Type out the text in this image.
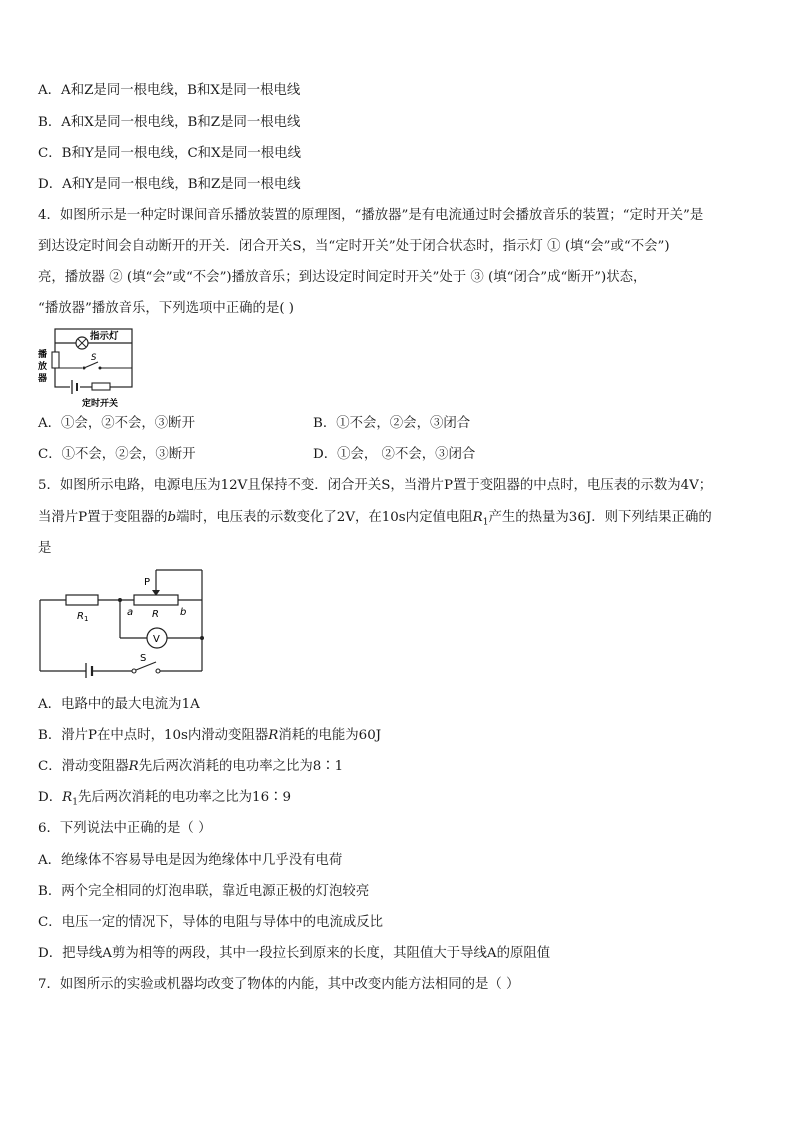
A．A和Z是同一根电线，B和X是同一根电线
B．A和X是同一根电线，B和Z是同一根电线
C．B和Y是同一根电线，C和X是同一根电线
D．A和Y是同一根电线，B和Z是同一根电线
4．如图所示是一种定时课间音乐播放装置的原理图，“播放器”是有电流通过时会播放音乐的装置；“定时开关”是
到达设定时间会自动断开的开关．闭合开关S，当“定时开关”处于闭合状态时，指示灯 ① (填“会”或“不会”)
亮，播放器 ② (填“会”或“不会”)播放音乐；到达设定时间定时开关”处于 ③ (填“闭合”成“断开”)状态，
“播放器”播放音乐，下列选项中正确的是( )
指示灯
播
放
器
S
定时开关
A．①会，②不会，③断开	B．①不会，②会，③闭合
C．①不会，②会，③断开	D．①会， ②不会，③闭合
5．如图所示电路，电源电压为12V且保持不变．闭合开关S，当滑片P置于变阻器的中点时，电压表的示数为4V；
当滑片P置于变阻器的b端时，电压表的示数变化了2V，在10s内定值电阻$R_1$产生的热量为36J．则下列结果正确的
是
P
$R_1$
a R b
V
S
A．电路中的最大电流为1A
B．滑片P在中点时，10s内滑动变阻器R消耗的电能为60J
C．滑动变阻器R先后两次消耗的电功率之比为8∶1
D．$R_1$先后两次消耗的电功率之比为16∶9
6．下列说法中正确的是（ ）
A．绝缘体不容易导电是因为绝缘体中几乎没有电荷
B．两个完全相同的灯泡串联，靠近电源正极的灯泡较亮
C．电压一定的情况下，导体的电阻与导体中的电流成反比
D．把导线A剪为相等的两段，其中一段拉长到原来的长度，其阻值大于导线A的原阻值
7．如图所示的实验或机器均改变了物体的内能，其中改变内能方法相同的是（ ）
